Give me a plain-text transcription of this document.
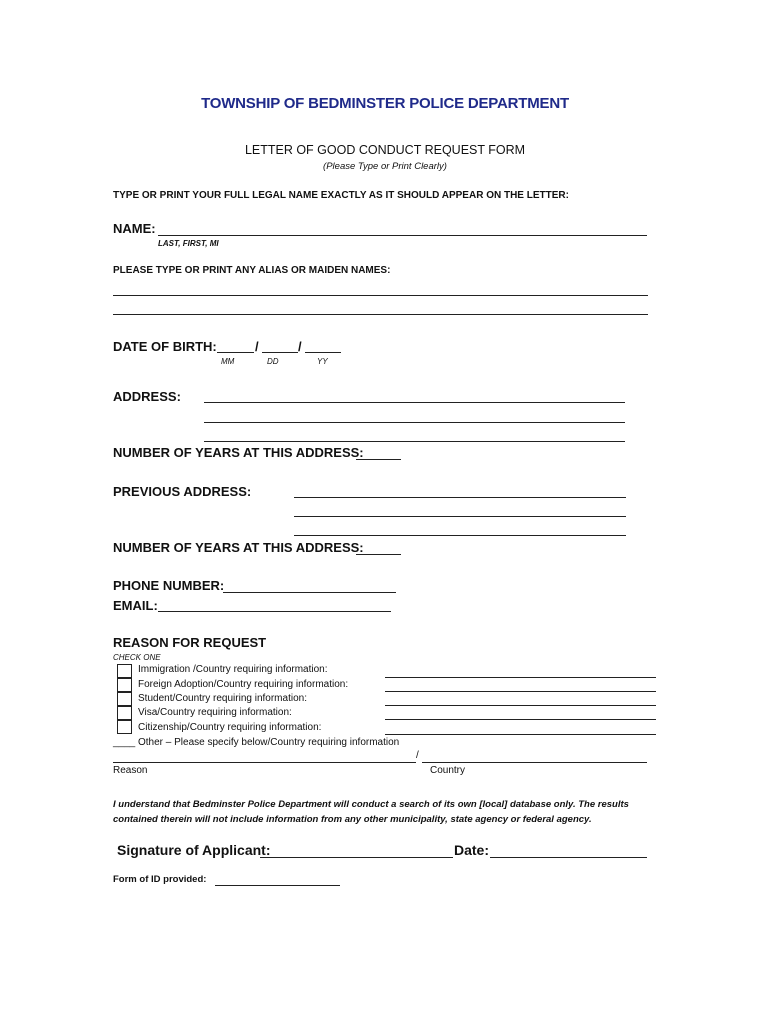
TOWNSHIP OF BEDMINSTER POLICE DEPARTMENT
LETTER OF GOOD CONDUCT REQUEST FORM
(Please Type or Print Clearly)
TYPE OR PRINT YOUR FULL LEGAL NAME EXACTLY AS IT SHOULD APPEAR ON THE LETTER:
NAME:
LAST, FIRST, MI
PLEASE TYPE OR PRINT ANY ALIAS OR MAIDEN NAMES:
DATE OF BIRTH:	/	/
MM	DD	YY
ADDRESS:
NUMBER OF YEARS AT THIS ADDRESS:
PREVIOUS ADDRESS:
NUMBER OF YEARS AT THIS ADDRESS:
PHONE NUMBER:
EMAIL:
REASON FOR REQUEST
CHECK ONE
Immigration /Country requiring information:
Foreign Adoption/Country requiring information:
Student/Country requiring information:
Visa/Country requiring information:
Citizenship/Country requiring information:
____ Other – Please specify below/Country requiring information
/
Reason	Country
I understand that Bedminster Police Department will conduct a search of its own [local] database only. The results
contained therein will not include information from any other municipality, state agency or federal agency.
Signature of Applicant:	Date:
Form of ID provided:
